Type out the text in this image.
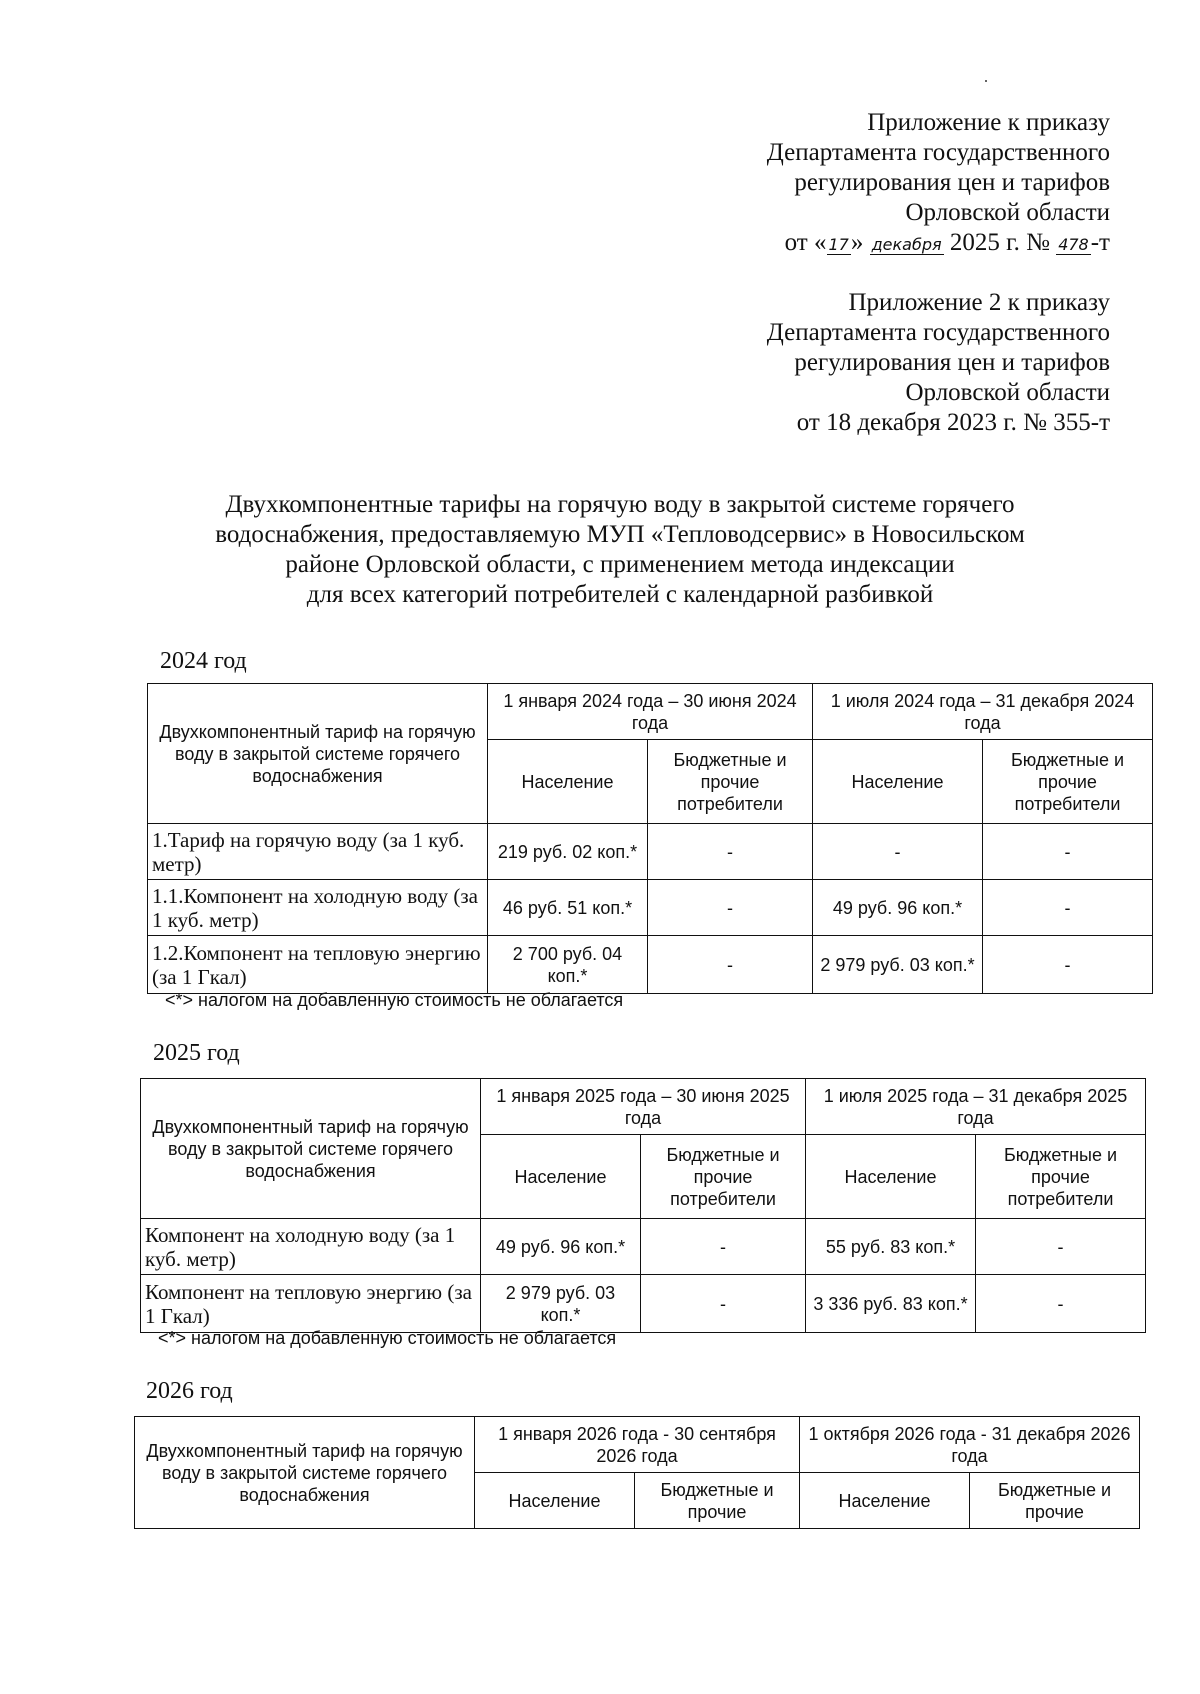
Приложение к приказу
Департамента государственного
регулирования цен и тарифов
Орловской области
от « 17» декабря 2025 г. № 478-т
Приложение 2 к приказу
Департамента государственного
регулирования цен и тарифов
Орловской области
от 18 декабря 2023 г. № 355-т
Двухкомпонентные тарифы на горячую воду в закрытой системе горячего
водоснабжения, предоставляемую МУП «Тепловодсервис» в Новосильском
районе Орловской области, с применением метода индексации
для всех категорий потребителей с календарной разбивкой
2024 год
Двухкомпонентный тариф на горячую воду в закрытой системе горячего водоснабжения	1 января 2024 года – 30 июня 2024 года		1 июля 2024 года – 31 декабря 2024 года	
	Население	Бюджетные и прочие потребители	Население	Бюджетные и прочие потребители
1.Тариф на горячую воду (за 1 куб. метр)	219 руб. 02 коп.*	-	-	-
1.1.Компонент на холодную воду (за 1 куб. метр)	46 руб. 51 коп.*	-	49 руб. 96 коп.*	-
1.2.Компонент на тепловую энергию (за 1 Гкал)	2 700 руб. 04 коп.*	-	2 979 руб. 03 коп.*	-
<*> налогом на добавленную стоимость не облагается
2025 год
Двухкомпонентный тариф на горячую воду в закрытой системе горячего водоснабжения	1 января 2025 года – 30 июня 2025 года		1 июля 2025 года – 31 декабря 2025 года	
	Население	Бюджетные и прочие потребители	Население	Бюджетные и прочие потребители
Компонент на холодную воду (за 1 куб. метр)	49 руб. 96 коп.*	-	55 руб. 83 коп.*	-
Компонент на тепловую энергию (за 1 Гкал)	2 979 руб. 03 коп.*	-	3 336 руб. 83 коп.*	-
<*> налогом на добавленную стоимость не облагается
2026 год
Двухкомпонентный тариф на горячую воду в закрытой системе горячего водоснабжения	1 января 2026 года - 30 сентября 2026 года		1 октября 2026 года - 31 декабря 2026 года	
	Население	Бюджетные и прочие	Население	Бюджетные и прочие
